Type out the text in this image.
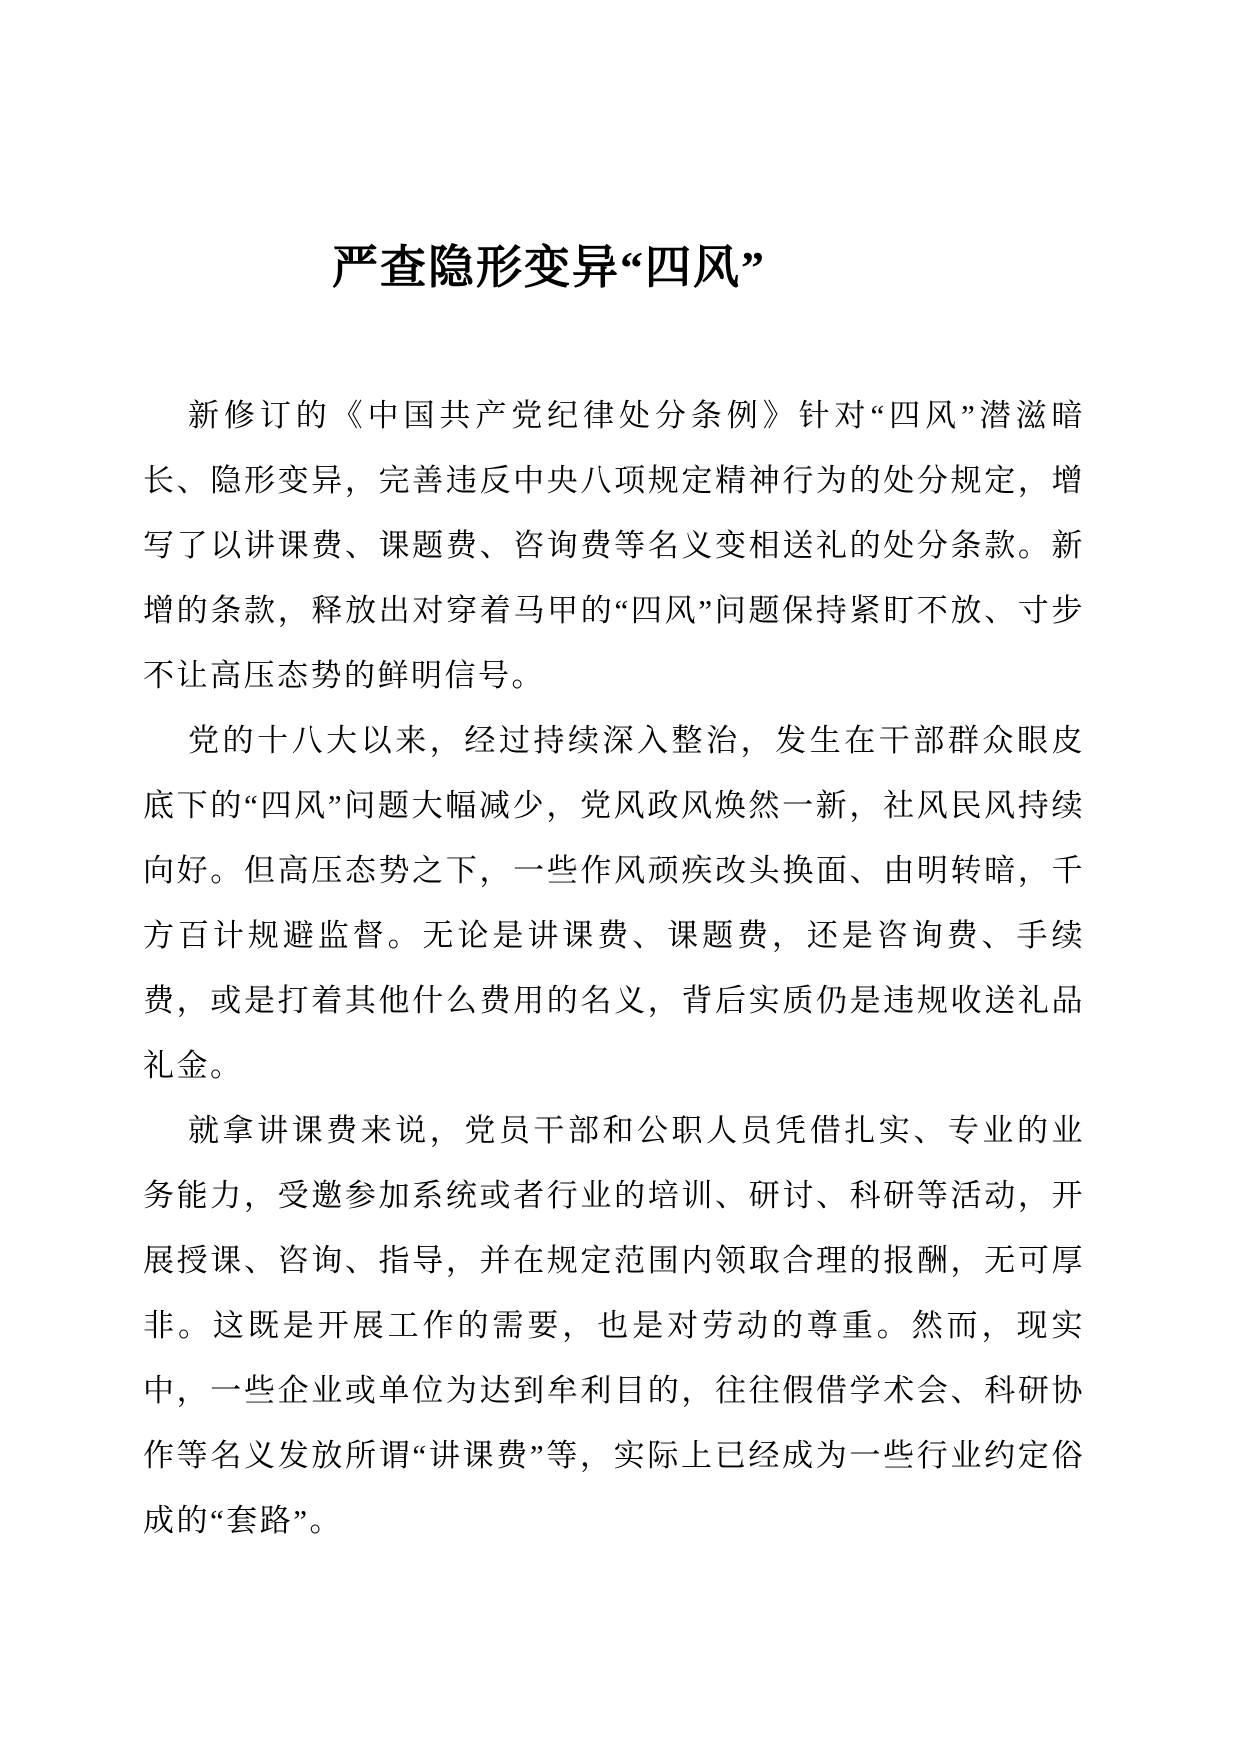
严查隐形变异“四风”

新修订的《中国共产党纪律处分条例》针对“四风”潜滋暗长、隐形变异，完善违反中央八项规定精神行为的处分规定，增写了以讲课费、课题费、咨询费等名义变相送礼的处分条款。新增的条款，释放出对穿着马甲的“四风”问题保持紧盯不放、寸步不让高压态势的鲜明信号。

党的十八大以来，经过持续深入整治，发生在干部群众眼皮底下的“四风”问题大幅减少，党风政风焕然一新，社风民风持续向好。但高压态势之下，一些作风顽疾改头换面、由明转暗，千方百计规避监督。无论是讲课费、课题费，还是咨询费、手续费，或是打着其他什么费用的名义，背后实质仍是违规收送礼品礼金。

就拿讲课费来说，党员干部和公职人员凭借扎实、专业的业务能力，受邀参加系统或者行业的培训、研讨、科研等活动，开展授课、咨询、指导，并在规定范围内领取合理的报酬，无可厚非。这既是开展工作的需要，也是对劳动的尊重。然而，现实中，一些企业或单位为达到牟利目的，往往假借学术会、科研协作等名义发放所谓“讲课费”等，实际上已经成为一些行业约定俗成的“套路”。
